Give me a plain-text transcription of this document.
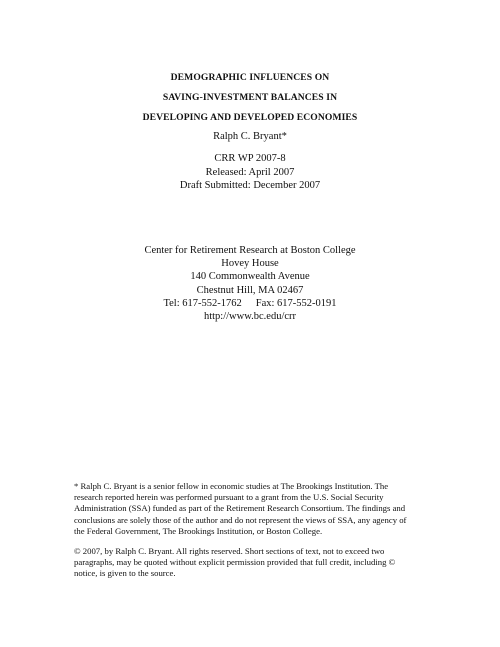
DEMOGRAPHIC INFLUENCES ON
SAVING-INVESTMENT BALANCES IN
DEVELOPING AND DEVELOPED ECONOMIES
Ralph C. Bryant*
CRR WP 2007-8
Released: April 2007
Draft Submitted: December 2007
Center for Retirement Research at Boston College
Hovey House
140 Commonwealth Avenue
Chestnut Hill, MA 02467
Tel: 617-552-1762 Fax: 617-552-0191
http://www.bc.edu/crr
* Ralph C. Bryant is a senior fellow in economic studies at The Brookings Institution. The
research reported herein was performed pursuant to a grant from the U.S. Social Security
Administration (SSA) funded as part of the Retirement Research Consortium. The findings and
conclusions are solely those of the author and do not represent the views of SSA, any agency of
the Federal Government, The Brookings Institution, or Boston College.
© 2007, by Ralph C. Bryant. All rights reserved. Short sections of text, not to exceed two
paragraphs, may be quoted without explicit permission provided that full credit, including ©
notice, is given to the source.
